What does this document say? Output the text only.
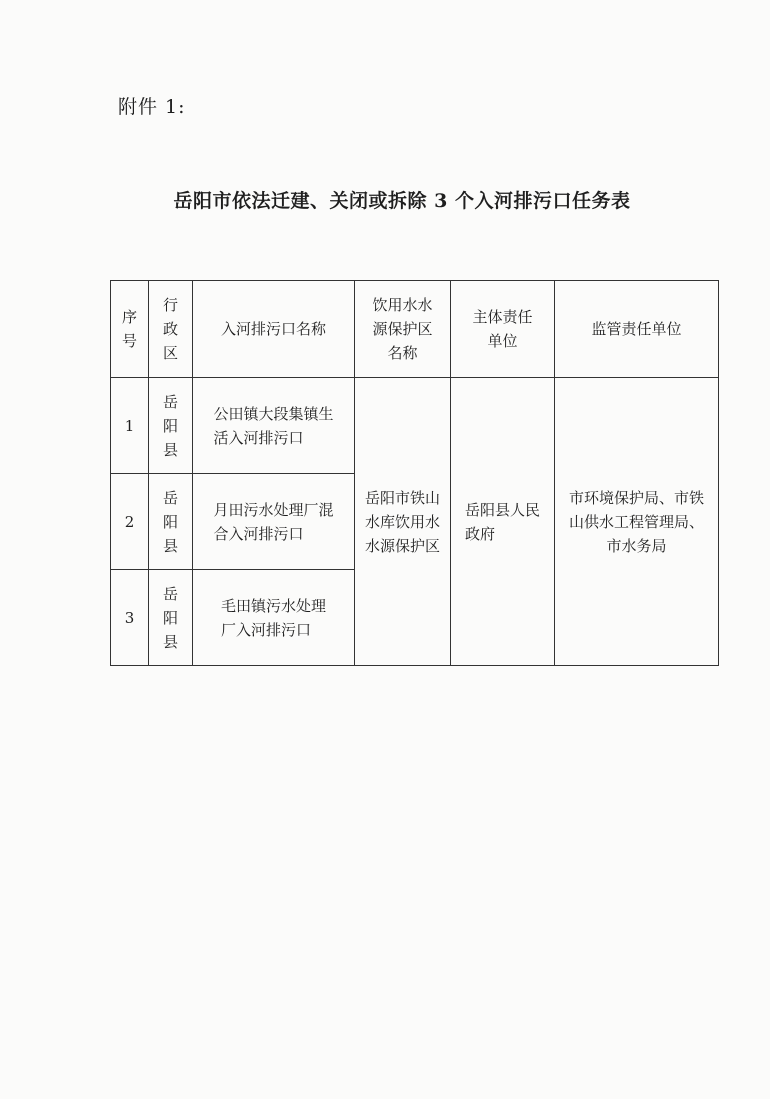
附件 1:
岳阳市依法迁建、关闭或拆除 3 个入河排污口任务表
序号	行政区	入河排污口名称	饮用水水源保护区名称	主体责任单位	监管责任单位
1	岳阳县	公田镇大段集镇生活入河排污口	岳阳市铁山水库饮用水水源保护区	岳阳县人民政府	市环境保护局、市铁山供水工程管理局、市水务局

2	岳阳县	月田污水处理厂混合入河排污口			

3	岳阳县	毛田镇污水处理厂入河排污口			
